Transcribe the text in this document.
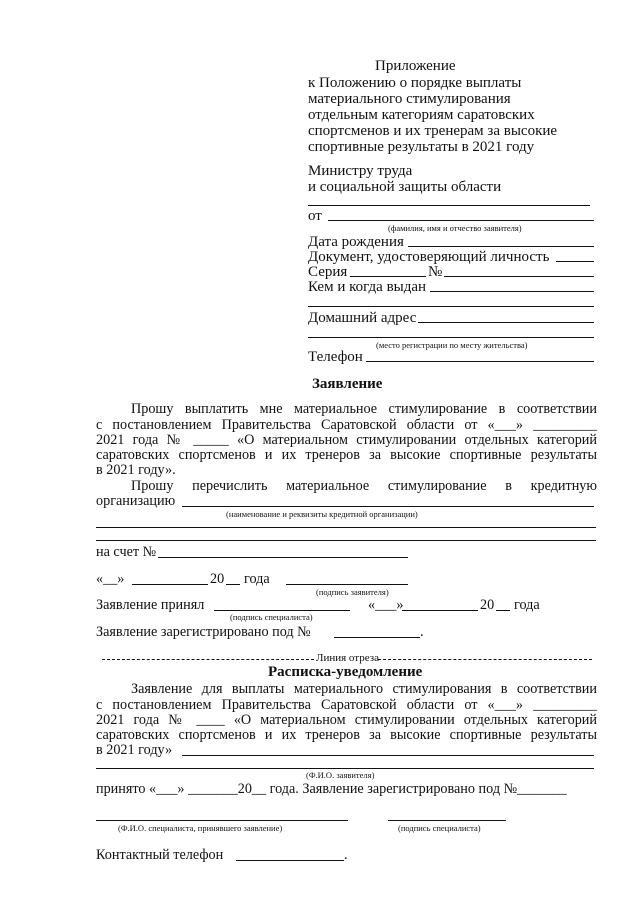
Приложение
к Положению о порядке выплаты
материального стимулирования
отдельным категориям саратовских
спортсменов и их тренерам за высокие
спортивные результаты в 2021 году
Министру труда
и социальной защиты области
от
(фамилия, имя и отчество заявителя)
Дата рождения
Документ, удостоверяющий личность
Серия	№
Кем и когда выдан
Домашний адрес
(место регистрации по месту жительства)
Телефон
Заявление
Прошу выплатить мне материальное стимулирование в соответствии
с постановлением Правительства Саратовской области от «___» _________
2021 года № _____ «О материальном стимулировании отдельных категорий
саратовских спортсменов и их тренеров за высокие спортивные результаты
в 2021 году».
Прошу перечислить материальное стимулирование в кредитную
организацию
(наименование и реквизиты кредитной организации)
на счет №
«__»	20 года
(подпись заявителя)
Заявление принял	«___»	20 года
(подпись специалиста)
Заявление зарегистрировано под №	.
Линия отреза
Расписка-уведомление
Заявление для выплаты материального стимулирования в соответствии
с постановлением Правительства Саратовской области от «___» _________
2021 года № ____ «О материальном стимулировании отдельных категорий
саратовских спортсменов и их тренеров за высокие спортивные результаты
в 2021 году»
(Ф.И.О. заявителя)
принято «___» _______20__ года. Заявление зарегистрировано под №_______
(Ф.И.О. специалиста, принявшего заявление)	(подпись специалиста)
Контактный телефон	.
